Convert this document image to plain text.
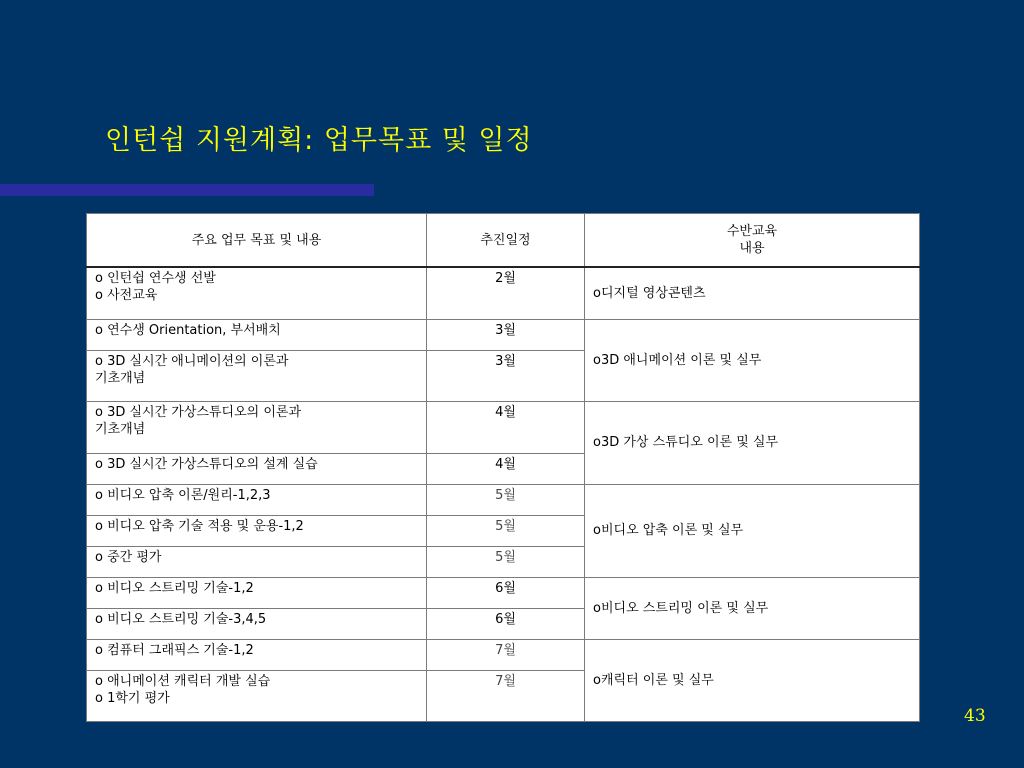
인턴쉽 지원계획: 업무목표 및 일정
주요 업무 목표 및 내용	추진일정	수반교육
내용

o 인턴쉽 연수생 선발
o 사전교육	2월	o디지털 영상콘텐츠

o 연수생 Orientation, 부서배치	3월	o3D 애니메이션 이론 및 실무

o 3D 실시간 애니메이션의 이론과
기초개념	3월	

o 3D 실시간 가상스튜디오의 이론과
기초개념	4월	o3D 가상 스튜디오 이론 및 실무

o 3D 실시간 가상스튜디오의 설계 실습	4월	

o 비디오 압축 이론/원리-1,2,3	5월	o비디오 압축 이론 및 실무

o 비디오 압축 기술 적용 및 운용-1,2	5월	

o 중간 평가	5월	

o 비디오 스트리밍 기술-1,2	6월	o비디오 스트리밍 이론 및 실무

o 비디오 스트리밍 기술-3,4,5	6월	

o 컴퓨터 그래픽스 기술-1,2	7월	o캐릭터 이론 및 실무

o 애니메이션 캐릭터 개발 실습
o 1학기 평가	7월	
43
